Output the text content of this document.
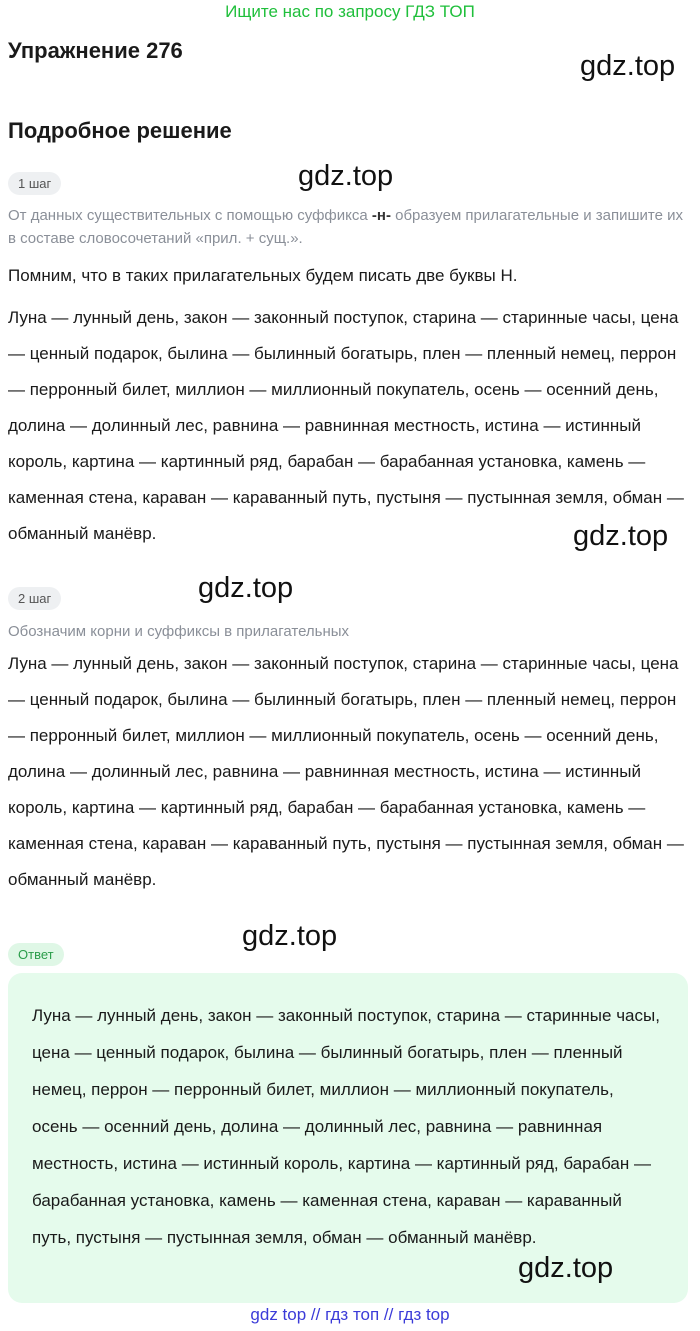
Ищите нас по запросу ГДЗ ТОП
Упражнение 276	gdz.top
Подробное решение
1 шаг	gdz.top
От данных существительных с помощью суффикса -н- образуем прилагательные и запишите их в составе словосочетаний «прил. + сущ.».
Помним, что в таких прилагательных будем писать две буквы Н.
Луна — лунный день, закон — законный поступок, старина — старинные часы, цена — ценный подарок, былина — былинный богатырь, плен — пленный немец, перрон — перронный билет, миллион — миллионный покупатель, осень — осенний день, долина — долинный лес, равнина — равнинная местность, истина — истинный король, картина — картинный ряд, барабан — барабанная установка, камень — каменная стена, караван — караванный путь, пустыня — пустынная земля, обман — обманный манёвр.	gdz.top
2 шаг	gdz.top
Обозначим корни и суффиксы в прилагательных
Луна — лунный день, закон — законный поступок, старина — старинные часы, цена — ценный подарок, былина — былинный богатырь, плен — пленный немец, перрон — перронный билет, миллион — миллионный покупатель, осень — осенний день, долина — долинный лес, равнина — равнинная местность, истина — истинный король, картина — картинный ряд, барабан — барабанная установка, камень — каменная стена, караван — караванный путь, пустыня — пустынная земля, обман — обманный манёвр.
Ответ
gdz.top
Луна — лунный день, закон — законный поступок, старина — старинные часы, цена — ценный подарок, былина — былинный богатырь, плен — пленный немец, перрон — перронный билет, миллион — миллионный покупатель, осень — осенний день, долина — долинный лес, равнина — равнинная местность, истина — истинный король, картина — картинный ряд, барабан — барабанная установка, камень — каменная стена, караван — караванный путь, пустыня — пустынная земля, обман — обманный манёвр.
gdz.top
gdz top // гдз топ // гдз top
